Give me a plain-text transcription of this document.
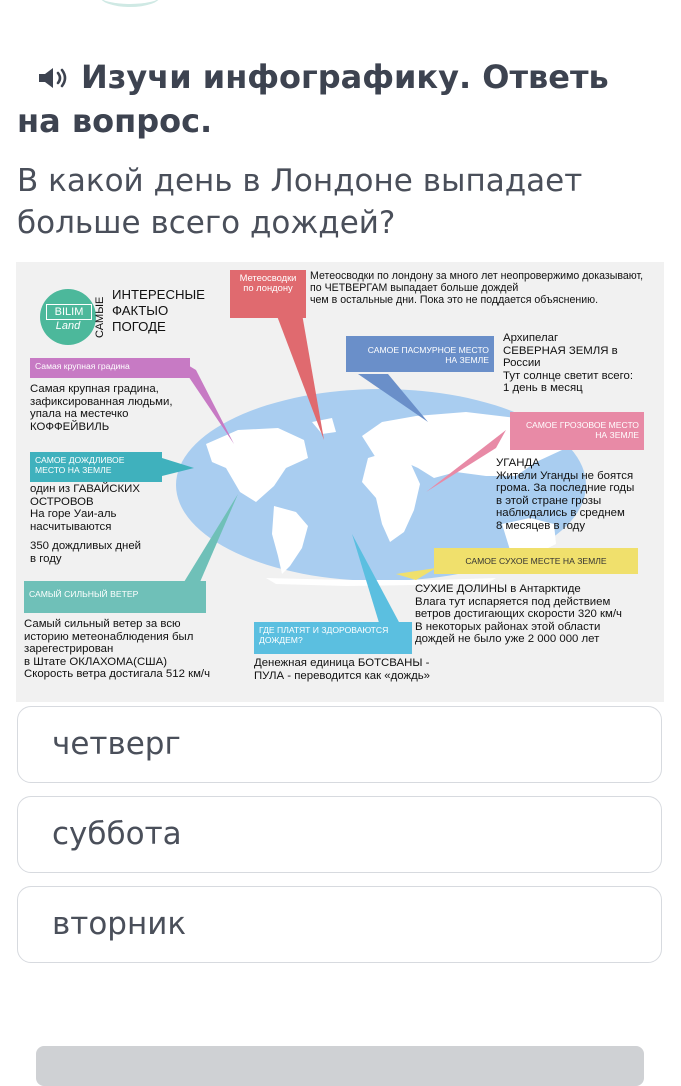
Изучи инфографику. Ответь на вопрос.
В какой день в Лондоне выпадает больше всего дождей?
BILIM
Land	САМЫЕ
ИНТЕРЕСНЫЕ
ФАКТЫО
ПОГОДЕ
Метеосводки по лондону
Метеосводки по лондону за много лет неопровержимо доказывают,
по ЧЕТВЕРГАМ выпадает больше дождей
чем в остальные дни. Пока это не поддается объяснению.
Самая крупная градина
Самая крупная градина,
зафиксированная людьми,
упала на местечко
КОФФЕЙВИЛЬ
САМОЕ ПАСМУРНОЕ МЕСТО
НА ЗЕМЛЕ
Архипелаг
СЕВЕРНАЯ ЗЕМЛЯ в
России
Тут солнце светит всего:
1 день в месяц
САМОЕ ГРОЗОВОЕ МЕСТО
НА ЗЕМЛЕ
УГАНДА
Жители Уганды не боятся
грома. За последние годы
в этой стране грозы
наблюдались в среднем
8 месяцев в году
САМОЕ ДОЖДЛИВОЕ
МЕСТО НА ЗЕМЛЕ
один из ГАВАЙСКИХ
ОСТРОВОВ
На горе Уаи-аль
насчитываются
350 дождливых дней
в году	САМОЕ СУХОЕ МЕСТЕ НА ЗЕМЛЕ
СУХИЕ ДОЛИНЫ в Антарктиде
Влага тут испаряется под действием
ветров достигающих скорости 320 км/ч
В некоторых районах этой области
дождей не было уже 2 000 000 лет
САМЫЙ СИЛЬНЫЙ ВЕТЕР
Самый сильный ветер за всю
историю метеонаблюдения был
зарегестрирован
в Штате ОКЛАХОМА(США)
Скорость ветра достигала 512 км/ч
ГДЕ ПЛАТЯТ И ЗДОРОВАЮТСЯ
ДОЖДЕМ?
Денежная единица БОТСВАНЫ -
ПУЛА - переводится как «дождь»
четверг
суббота
вторник
